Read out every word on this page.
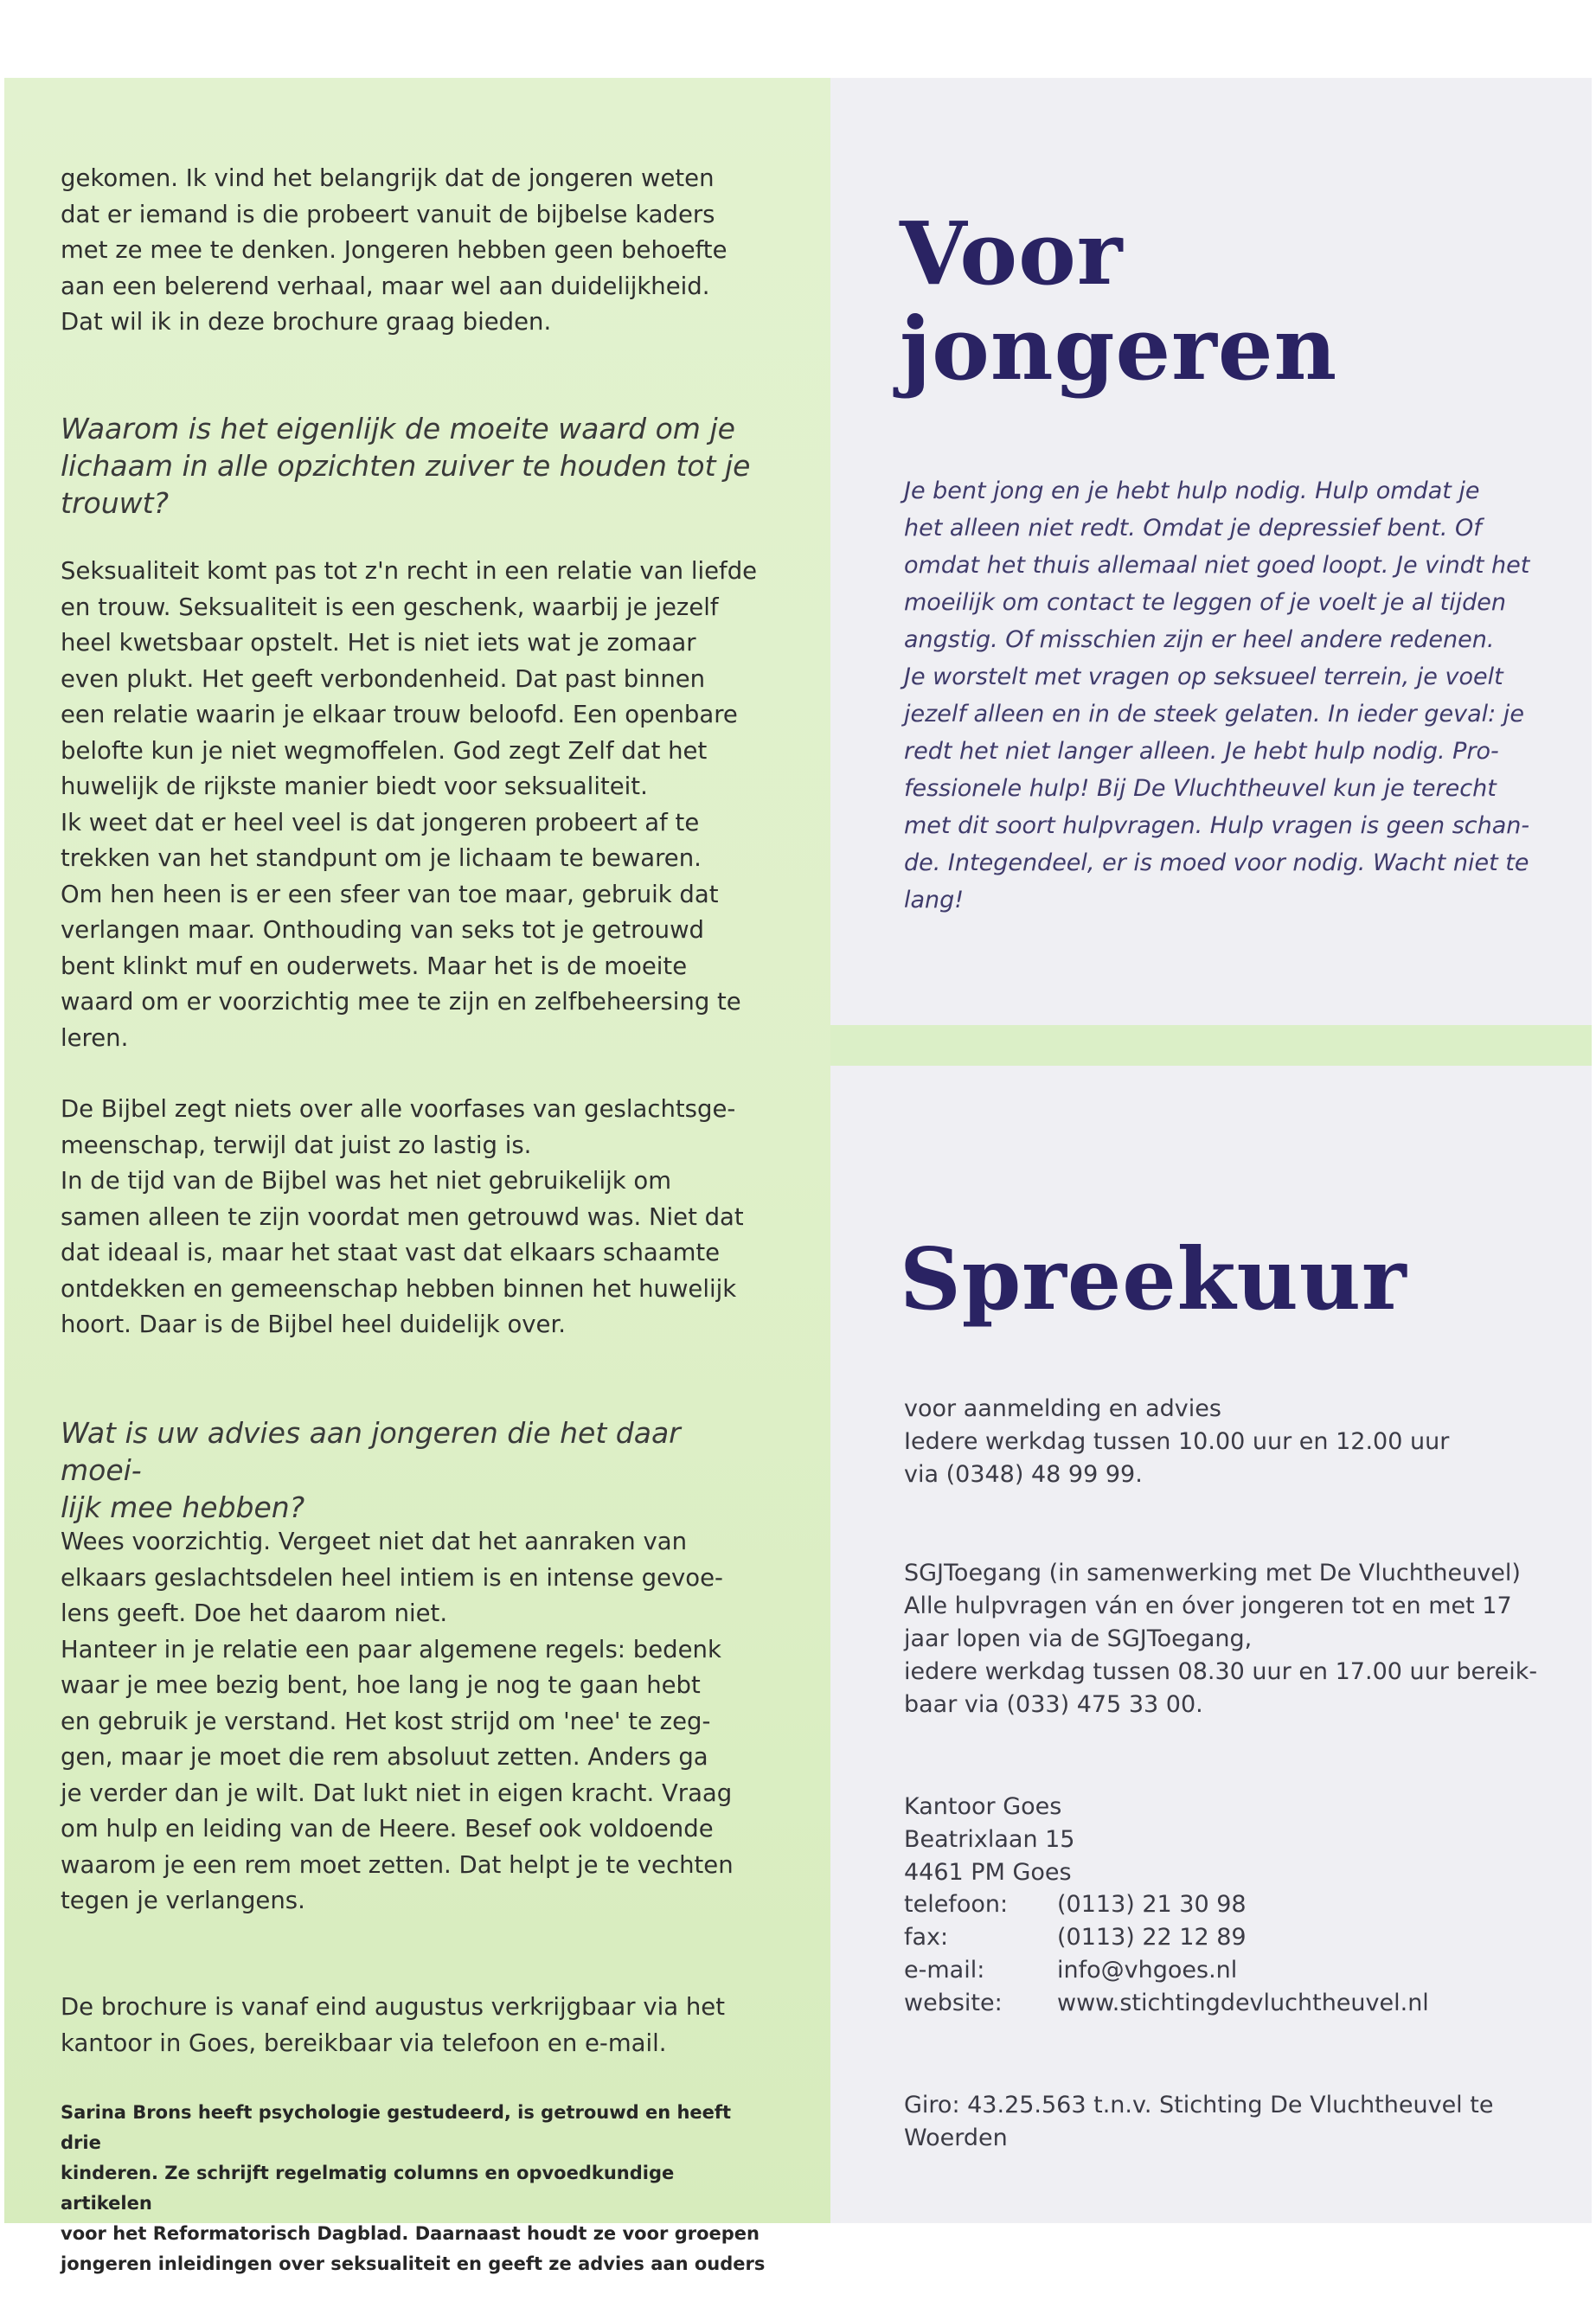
gekomen. Ik vind het belangrijk dat de jongeren weten
dat er iemand is die probeert vanuit de bijbelse kaders
met ze mee te denken. Jongeren hebben geen behoefte
aan een belerend verhaal, maar wel aan duidelijkheid.
Dat wil ik in deze brochure graag bieden.

Waarom is het eigenlijk de moeite waard om je
lichaam in alle opzichten zuiver te houden tot je
trouwt?

Seksualiteit komt pas tot z'n recht in een relatie van liefde
en trouw. Seksualiteit is een geschenk, waarbij je jezelf
heel kwetsbaar opstelt. Het is niet iets wat je zomaar
even plukt. Het geeft verbondenheid. Dat past binnen
een relatie waarin je elkaar trouw beloofd. Een openbare
belofte kun je niet wegmoffelen. God zegt Zelf dat het
huwelijk de rijkste manier biedt voor seksualiteit.
Ik weet dat er heel veel is dat jongeren probeert af te
trekken van het standpunt om je lichaam te bewaren.
Om hen heen is er een sfeer van toe maar, gebruik dat
verlangen maar. Onthouding van seks tot je getrouwd
bent klinkt muf en ouderwets. Maar het is de moeite
waard om er voorzichtig mee te zijn en zelfbeheersing te
leren.

De Bijbel zegt niets over alle voorfases van geslachtsge-
meenschap, terwijl dat juist zo lastig is.
In de tijd van de Bijbel was het niet gebruikelijk om
samen alleen te zijn voordat men getrouwd was. Niet dat
dat ideaal is, maar het staat vast dat elkaars schaamte
ontdekken en gemeenschap hebben binnen het huwelijk
hoort. Daar is de Bijbel heel duidelijk over.

Wat is uw advies aan jongeren die het daar moei-
lijk mee hebben?

Wees voorzichtig. Vergeet niet dat het aanraken van
elkaars geslachtsdelen heel intiem is en intense gevoe-
lens geeft. Doe het daarom niet.
Hanteer in je relatie een paar algemene regels: bedenk
waar je mee bezig bent, hoe lang je nog te gaan hebt
en gebruik je verstand. Het kost strijd om 'nee' te zeg-
gen, maar je moet die rem absoluut zetten. Anders ga
je verder dan je wilt. Dat lukt niet in eigen kracht. Vraag
om hulp en leiding van de Heere. Besef ook voldoende
waarom je een rem moet zetten. Dat helpt je te vechten
tegen je verlangens.

De brochure is vanaf eind augustus verkrijgbaar via het
kantoor in Goes, bereikbaar via telefoon en e-mail.

Sarina Brons heeft psychologie gestudeerd, is getrouwd en heeft drie
kinderen. Ze schrijft regelmatig columns en opvoedkundige artikelen
voor het Reformatorisch Dagblad. Daarnaast houdt ze voor groepen
jongeren inleidingen over seksualiteit en geeft ze advies aan ouders

Voor
jongeren

Je bent jong en je hebt hulp nodig. Hulp omdat je
het alleen niet redt. Omdat je depressief bent. Of
omdat het thuis allemaal niet goed loopt. Je vindt het
moeilijk om contact te leggen of je voelt je al tijden
angstig. Of misschien zijn er heel andere redenen.
Je worstelt met vragen op seksueel terrein, je voelt
jezelf alleen en in de steek gelaten. In ieder geval: je
redt het niet langer alleen. Je hebt hulp nodig. Pro-
fessionele hulp! Bij De Vluchtheuvel kun je terecht
met dit soort hulpvragen. Hulp vragen is geen schan-
de. Integendeel, er is moed voor nodig. Wacht niet te
lang!

Spreekuur

voor aanmelding en advies
Iedere werkdag tussen 10.00 uur en 12.00 uur
via (0348) 48 99 99.

SGJToegang (in samenwerking met De Vluchtheuvel)
Alle hulpvragen ván en óver jongeren tot en met 17
jaar lopen via de SGJToegang,
iedere werkdag tussen 08.30 uur en 17.00 uur bereik-
baar via (033) 475 33 00.

Kantoor Goes
Beatrixlaan 15
4461 PM Goes

telefoon:	(0113) 21 30 98
fax:	(0113) 22 12 89
e-mail:	info@vhgoes.nl
website:	www.stichtingdevluchtheuvel.nl

Giro: 43.25.563 t.n.v. Stichting De Vluchtheuvel te
Woerden
